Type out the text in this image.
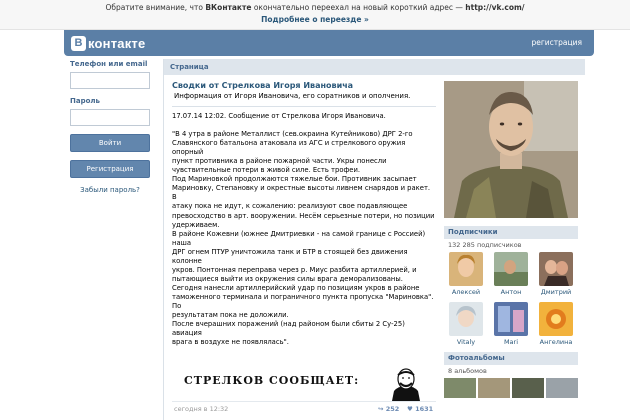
Обратите внимание, что ВКонтакте окончательно переехал на новый короткий адрес — http://vk.com/
Подробнее о переезде »
В контакте	регистрация
Телефон или email
Пароль
Войти
Регистрация
Забыли пароль?
Страница
Сводки от Стрелкова Игоря Ивановича
Информация от Игоря Ивановича, его соратников и ополчения.
17.07.14 12:02. Сообщение от Стрелкова Игоря Ивановича.

"В 4 утра в районе Металлист (сев.окраина Кутейниково) ДРГ 2-го
Славянского батальона атаковала из АГС и стрелкового оружия опорный
пункт противника в районе пожарной части. Укры понесли
чувствительные потери в живой силе. Есть трофеи.
Под Мариновкой продолжаются тяжелые бои. Противник засыпает
Мариновку, Степановку и окрестные высоты ливнем снарядов и ракет. В
атаку пока не идут, к сожалению: реализуют свое подавляющее
превосходство в арт. вооружении. Несём серьезные потери, но позиции
удерживаем.
В районе Кожевни (южнее Дмитриевки - на самой границе с Россией) наша
ДРГ огнем ПТУР уничтожила танк и БТР в стоящей без движения колонне
укров. Понтонная переправа через р. Миус разбита артиллерией, и
пытающиеся выйти из окружения силы врага деморализованы.
Сегодня нанесли артиллерийский удар по позициям укров в районе
таможенного терминала и пограничного пункта пропуска "Мариновка". По
результатам пока не доложили.
После вчерашних поражений (над районом были сбиты 2 Су-25) авиация
врага в воздухе не появлялась".
СТРЕЛКОВ СООБЩАЕТ:
сегодня в 12:32	↪ 252 ♥ 1631
Подписчики
132 285 подписчиков
Алексей	Антон	Дмитрий
Vitaly	Mari	Ангелина
Фотоальбомы
8 альбомов
